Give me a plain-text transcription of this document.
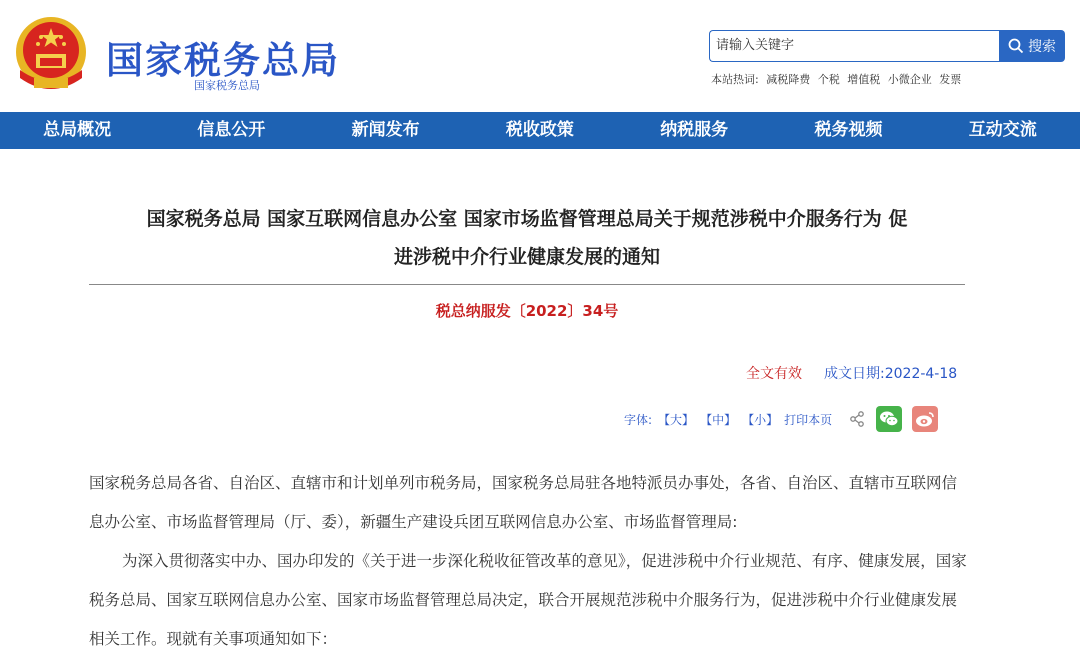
国家税务总局
国家税务总局
请输入关键字	搜索
本站热词: 减税降费 个税 增值税 小微企业 发票
总局概况	信息公开	新闻发布	税收政策	纳税服务	税务视频	互动交流
国家税务总局 国家互联网信息办公室 国家市场监督管理总局关于规范涉税中介服务行为 促
进涉税中介行业健康发展的通知
税总纳服发〔2022〕34号
全文有效 成文日期:2022-4-18
字体: 【大】 【中】 【小】 打印本页

国家税务总局各省、自治区、直辖市和计划单列市税务局，国家税务总局驻各地特派员办事处，各省、自治区、直辖市互联网信息办公室、市场监督管理局（厅、委），新疆生产建设兵团互联网信息办公室、市场监督管理局:

为深入贯彻落实中办、国办印发的《关于进一步深化税收征管改革的意见》，促进涉税中介行业规范、有序、健康发展，国家税务总局、国家互联网信息办公室、国家市场监督管理总局决定，联合开展规范涉税中介服务行为，促进涉税中介行业健康发展相关工作。现就有关事项通知如下：
